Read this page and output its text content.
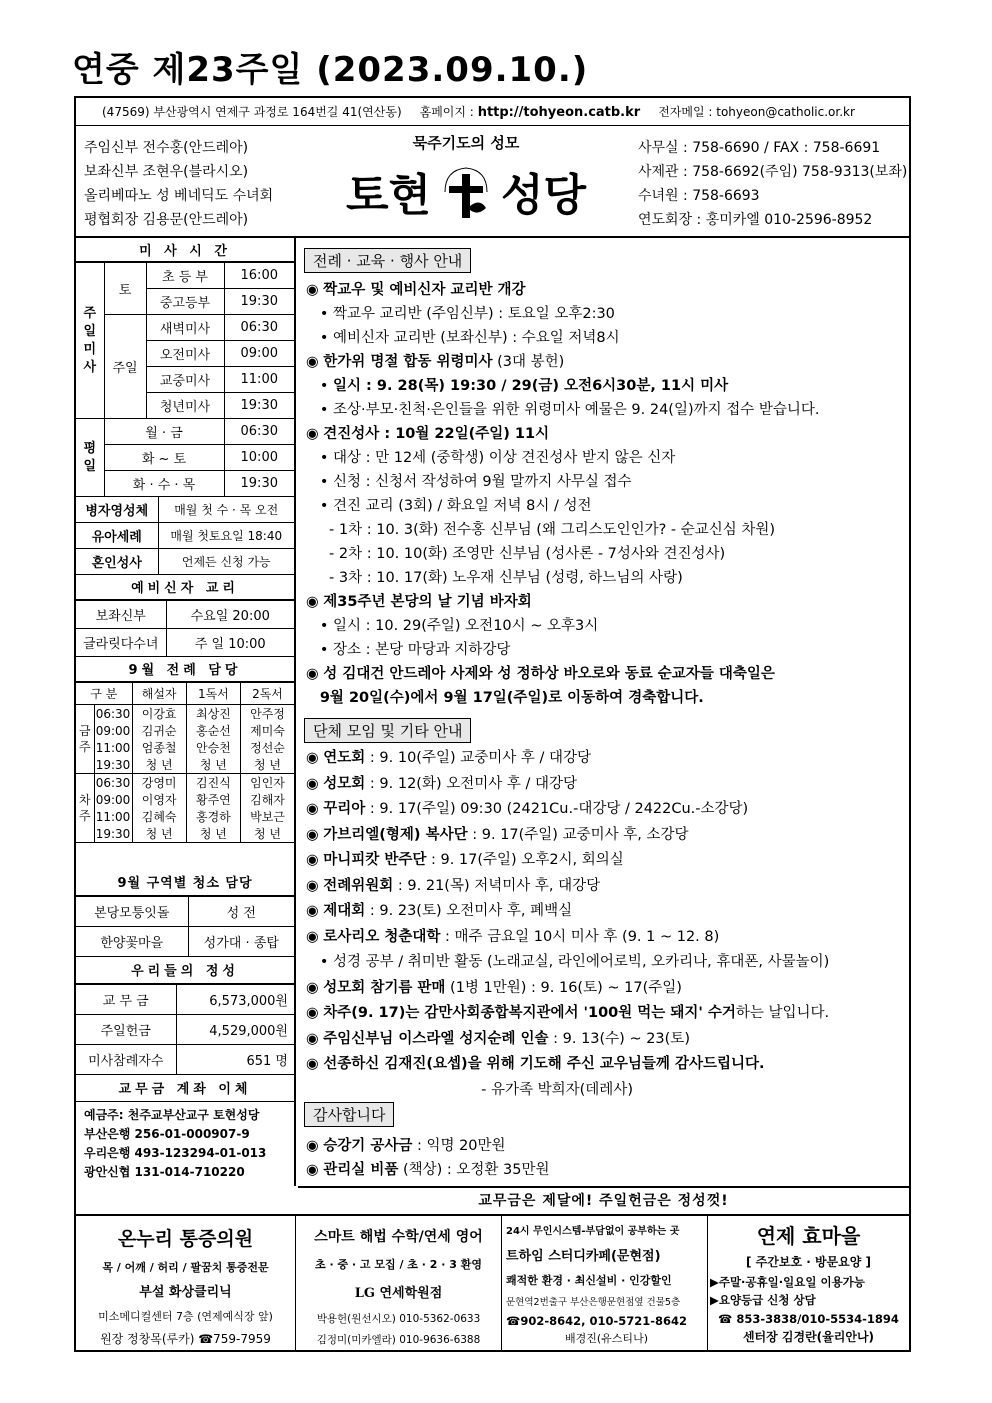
연중 제23주일 (2023.09.10.)
(47569) 부산광역시 연제구 과정로 164번길 41(연산동) 홈페이지 : http://tohyeon.catb.kr 전자메일 : tohyeon@catholic.or.kr
주임신부 전수홍(안드레아)
보좌신부 조현우(블라시오)
올리베따노 성 베네딕도 수녀회
평협회장 김용문(안드레아)
묵주기도의 성모
토현 성당
사무실 : 758-6690 / FAX : 758-6691
사제관 : 758-6692(주임) 758-9313(보좌)
수녀원 : 758-6693
연도회장 : 홍미카엘 010-2596-8952
미 사 시 간
주일미사	토	초 등 부	16:00
		중고등부	19:30
	주일	새벽미사	06:30
		오전미사	09:00
		교중미사	11:00
		청년미사	19:30
평일	월 · 금		06:30
	화 ~ 토		10:00
	화 · 수 · 목		19:30
병자영성체	매월 첫 수 · 목 오전
유아세례	매월 첫토요일 18:40
혼인성사	언제든 신청 가능
예비신자 교리
보좌신부	수요일 20:00
글라릿다수녀	주 일 10:00
9월 전례 담당
구 분		해설자	1독서	2독서
금주	06:30	이강효	최상진	안주정
	09:00	김귀순	홍순선	제미숙
	11:00	엄종철	안승천	정선순
	19:30	청 년	청 년	청 년
차주	06:30	강영미	김진식	임인자
	09:00	이영자	황주연	김해자
	11:00	김혜숙	홍경하	박보근
	19:30	청 년	청 년	청 년
9월 구역별 청소 담당
본당모퉁잇돌	성 전
한양꽃마을	성가대 · 종탑
우리들의 정성
교 무 금	6,573,000원
주일헌금	4,529,000원
미사참례자수	651 명
교무금 계좌 이체
예금주: 천주교부산교구 토현성당
부산은행 256-01-000907-9
우리은행 493-123294-01-013
광안신협 131-014-710220
전례 · 교육 · 행사 안내
◉ 짝교우 및 예비신자 교리반 개강
• 짝교우 교리반 (주임신부) : 토요일 오후2:30
• 예비신자 교리반 (보좌신부) : 수요일 저녁8시
◉ 한가위 명절 합동 위령미사 (3대 봉헌)
• 일시 : 9. 28(목) 19:30 / 29(금) 오전6시30분, 11시 미사
• 조상·부모·친척·은인들을 위한 위령미사 예물은 9. 24(일)까지 접수 받습니다.
◉ 견진성사 : 10월 22일(주일) 11시
• 대상 : 만 12세 (중학생) 이상 견진성사 받지 않은 신자
• 신청 : 신청서 작성하여 9월 말까지 사무실 접수
• 견진 교리 (3회) / 화요일 저녁 8시 / 성전
- 1차 : 10. 3(화) 전수홍 신부님 (왜 그리스도인인가? - 순교신심 차원)
- 2차 : 10. 10(화) 조영만 신부님 (성사론 - 7성사와 견진성사)
- 3차 : 10. 17(화) 노우재 신부님 (성령, 하느님의 사랑)
◉ 제35주년 본당의 날 기념 바자회
• 일시 : 10. 29(주일) 오전10시 ~ 오후3시
• 장소 : 본당 마당과 지하강당
◉ 성 김대건 안드레아 사제와 성 정하상 바오로와 동료 순교자들 대축일은
9월 20일(수)에서 9월 17일(주일)로 이동하여 경축합니다.
단체 모임 및 기타 안내
◉ 연도회 : 9. 10(주일) 교중미사 후 / 대강당
◉ 성모회 : 9. 12(화) 오전미사 후 / 대강당
◉ 꾸리아 : 9. 17(주일) 09:30 (2421Cu.-대강당 / 2422Cu.-소강당)
◉ 가브리엘(형제) 복사단 : 9. 17(주일) 교중미사 후, 소강당
◉ 마니피캇 반주단 : 9. 17(주일) 오후2시, 회의실
◉ 전례위원회 : 9. 21(목) 저녁미사 후, 대강당
◉ 제대회 : 9. 23(토) 오전미사 후, 폐백실
◉ 로사리오 청춘대학 : 매주 금요일 10시 미사 후 (9. 1 ~ 12. 8)
• 성경 공부 / 취미반 활동 (노래교실, 라인에어로빅, 오카리나, 휴대폰, 사물놀이)
◉ 성모회 참기름 판매 (1병 1만원) : 9. 16(토) ~ 17(주일)
◉ 차주(9. 17)는 감만사회종합복지관에서 '100원 먹는 돼지' 수거하는 날입니다.
◉ 주임신부님 이스라엘 성지순례 인솔 : 9. 13(수) ~ 23(토)
◉ 선종하신 김재진(요셉)을 위해 기도해 주신 교우님들께 감사드립니다.
- 유가족 박희자(데레사)
감사합니다
◉ 승강기 공사금 : 익명 20만원
◉ 관리실 비품 (책상) : 오정환 35만원
교무금은 제달에! 주일헌금은 정성껏!
온누리 통증의원
목 / 어깨 / 허리 / 팔꿈치 통증전문
부설 화상클리닉
미소메디컬센터 7층 (연제예식장 앞)
원장 정창목(루카) ☎759-7959
스마트 해법 수학/연세 영어
초 · 중 · 고 모집 / 초 · 2 · 3 환영
LG 연세학원점
박용헌(원선시오) 010-5362-0633
김정미(미카엘라) 010-9636-6388
24시 무인시스템-부담없이 공부하는 곳
트하임 스터디카페(문현점)
쾌적한 환경 · 최신설비 · 인강할인
문현역2번출구 부산은행문현점옆 건물5층
☎902-8642, 010-5721-8642
배경진(유스티나)
연제 효마을
[ 주간보호 · 방문요양 ]
▶주말·공휴일·일요일 이용가능
▶요양등급 신청 상담
☎ 853-3838/010-5534-1894
센터장 김경란(율리안나)
